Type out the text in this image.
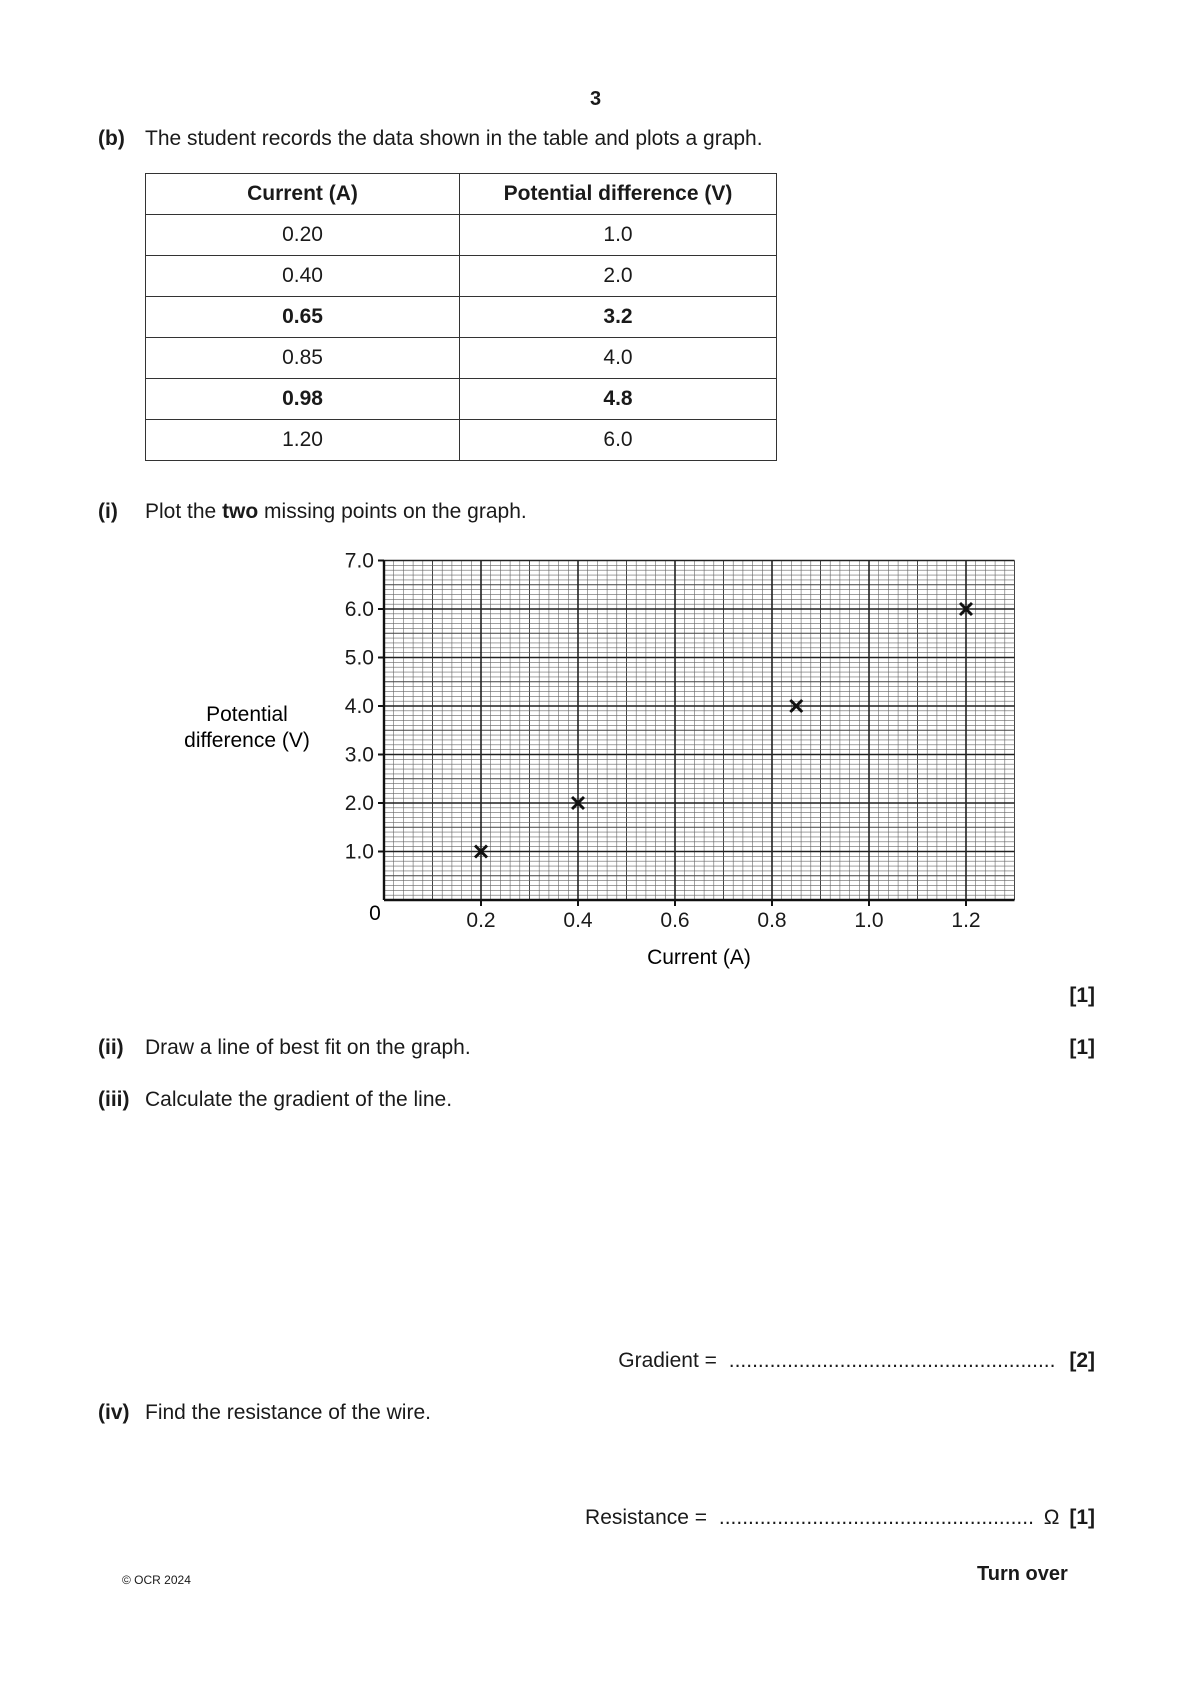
3
(b) The student records the data shown in the table and plots a graph.
Current (A)	Potential difference (V)
0.20	1.0
0.40	2.0
0.65	3.2
0.85	4.0
0.98	4.8
1.20	6.0
(i) Plot the two missing points on the graph.
0.2	0.4	0.6	0.8	1.0	1.2
1.0
2.0
3.0
4.0
5.0
6.0
7.0
Potential
difference (V)
Current (A)
0
[1]
(ii) Draw a line of best fit on the graph.	[1]
(iii) Calculate the gradient of the line.
Gradient = ........................................................ [2]
(iv) Find the resistance of the wire.
Resistance = ...................................................... Ω [1]
© OCR 2024	Turn over
